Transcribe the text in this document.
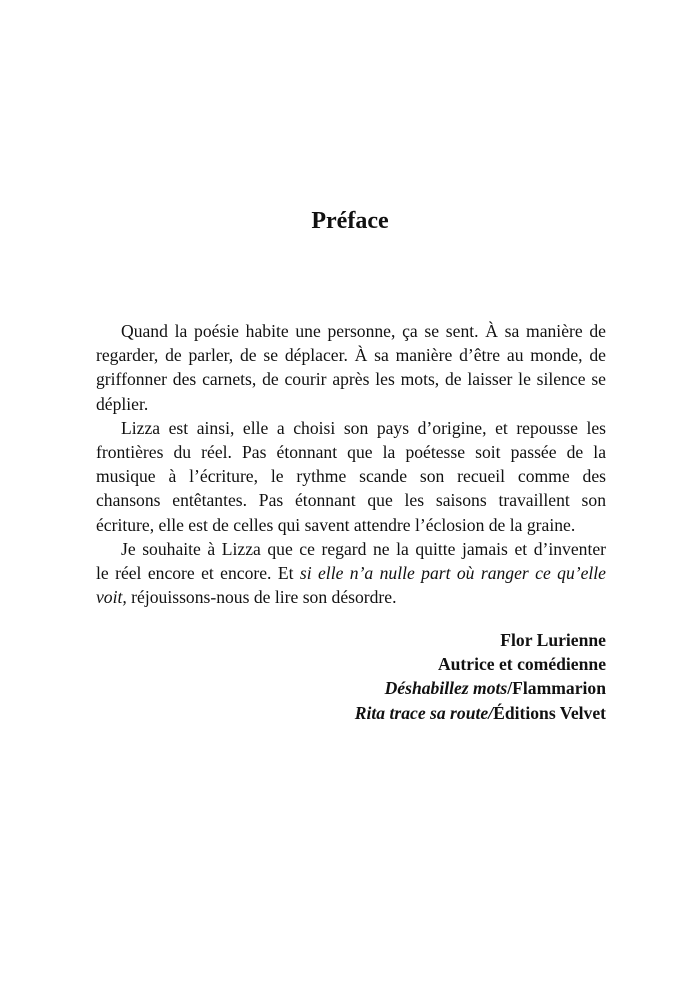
Préface
Quand la poésie habite une personne, ça se sent. À sa manière de
regarder, de parler, de se déplacer. À sa manière d’être au monde, de
griffonner des carnets, de courir après les mots, de laisser le silence se
déplier.
Lizza est ainsi, elle a choisi son pays d’origine, et repousse les
frontières du réel. Pas étonnant que la poétesse soit passée de la
musique à l’écriture, le rythme scande son recueil comme des
chansons entêtantes. Pas étonnant que les saisons travaillent son
écriture, elle est de celles qui savent attendre l’éclosion de la graine.
Je souhaite à Lizza que ce regard ne la quitte jamais et d’inventer
le réel encore et encore. Et si elle n’a nulle part où ranger ce qu’elle
voit, réjouissons-nous de lire son désordre.
Flor Lurienne
Autrice et comédienne
Déshabillez mots/Flammarion
Rita trace sa route/Éditions Velvet
